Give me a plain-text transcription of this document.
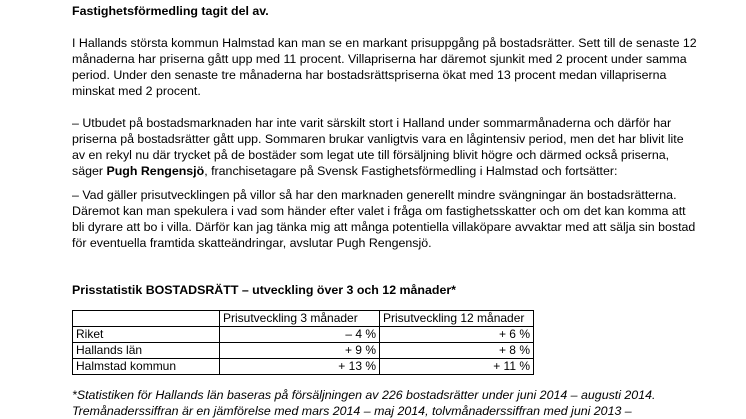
Fastighetsförmedling tagit del av.

I Hallands största kommun Halmstad kan man se en markant prisuppgång på bostadsrätter. Sett till de senaste 12

månaderna har priserna gått upp med 11 procent. Villapriserna har däremot sjunkit med 2 procent under samma

period. Under den senaste tre månaderna har bostadsrättspriserna ökat med 13 procent medan villapriserna

minskat med 2 procent.

– Utbudet på bostadsmarknaden har inte varit särskilt stort i Halland under sommarmånaderna och därför har

priserna på bostadsrätter gått upp. Sommaren brukar vanligtvis vara en lågintensiv period, men det har blivit lite

av en rekyl nu där trycket på de bostäder som legat ute till försäljning blivit högre och därmed också priserna,

säger Pugh Rengensjö, franchisetagare på Svensk Fastighetsförmedling i Halmstad och fortsätter:

– Vad gäller prisutvecklingen på villor så har den marknaden generellt mindre svängningar än bostadsrätterna.

Däremot kan man spekulera i vad som händer efter valet i fråga om fastighetsskatter och om det kan komma att

bli dyrare att bo i villa. Därför kan jag tänka mig att många potentiella villaköpare avvaktar med att sälja sin bostad

för eventuella framtida skatteändringar, avslutar Pugh Rengensjö.

Prisstatistik BOSTADSRÄTT – utveckling över 3 och 12 månader*
	Prisutveckling 3 månader	Prisutveckling 12 månader
Riket	– 4 %	+ 6 %
Hallands län	+ 9 %	+ 8 %
Halmstad kommun	+ 13 %	+ 11 %

*Statistiken för Hallands län baseras på försäljningen av 226 bostadsrätter under juni 2014 – augusti 2014.

Tremånaderssiffran är en jämförelse med mars 2014 – maj 2014, tolvmånaderssiffran med juni 2013 –
